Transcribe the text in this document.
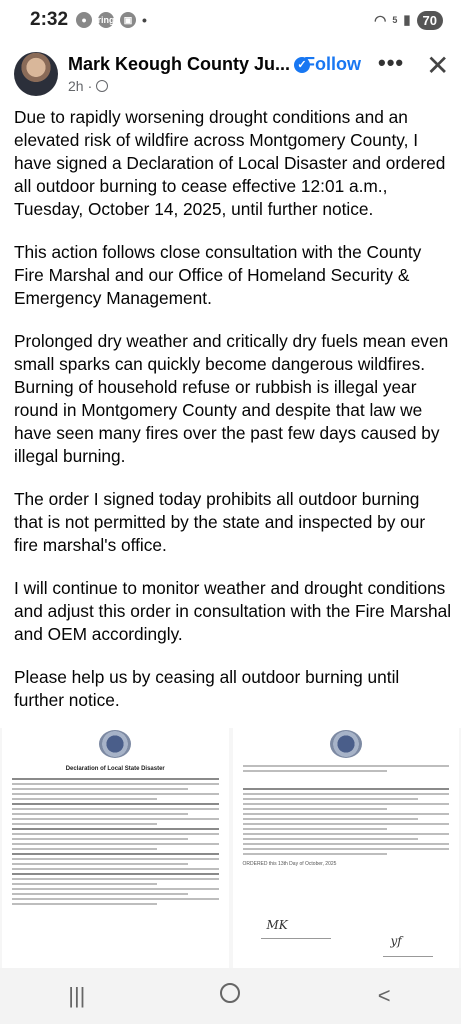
2:32	●	ring	▣ •	◠ 5 ▮ 70
Mark Keough County Ju... ✓
Follow ••• ✕
2h ·

Due to rapidly worsening drought conditions and an elevated risk of wildfire across Montgomery County, I have signed a Declaration of Local Disaster and ordered all outdoor burning to cease effective 12:01 a.m., Tuesday, October 14, 2025, until further notice.

This action follows close consultation with the County Fire Marshal and our Office of Homeland Security & Emergency Management.

Prolonged dry weather and critically dry fuels mean even small sparks can quickly become dangerous wildfires. Burning of household refuse or rubbish is illegal year round in Montgomery County and despite that law we have seen many fires over the past few days caused by illegal burning.

The order I signed today prohibits all outdoor burning that is not permitted by the state and inspected by our fire marshal's office.

I will continue to monitor weather and drought conditions and adjust this order in consultation with the Fire Marshal and OEM accordingly.

Please help us by ceasing all outdoor burning until further notice.

Declaration of Local State Disaster
ORDERED this 13th Day of October, 2025
MK
yf
|||	<
